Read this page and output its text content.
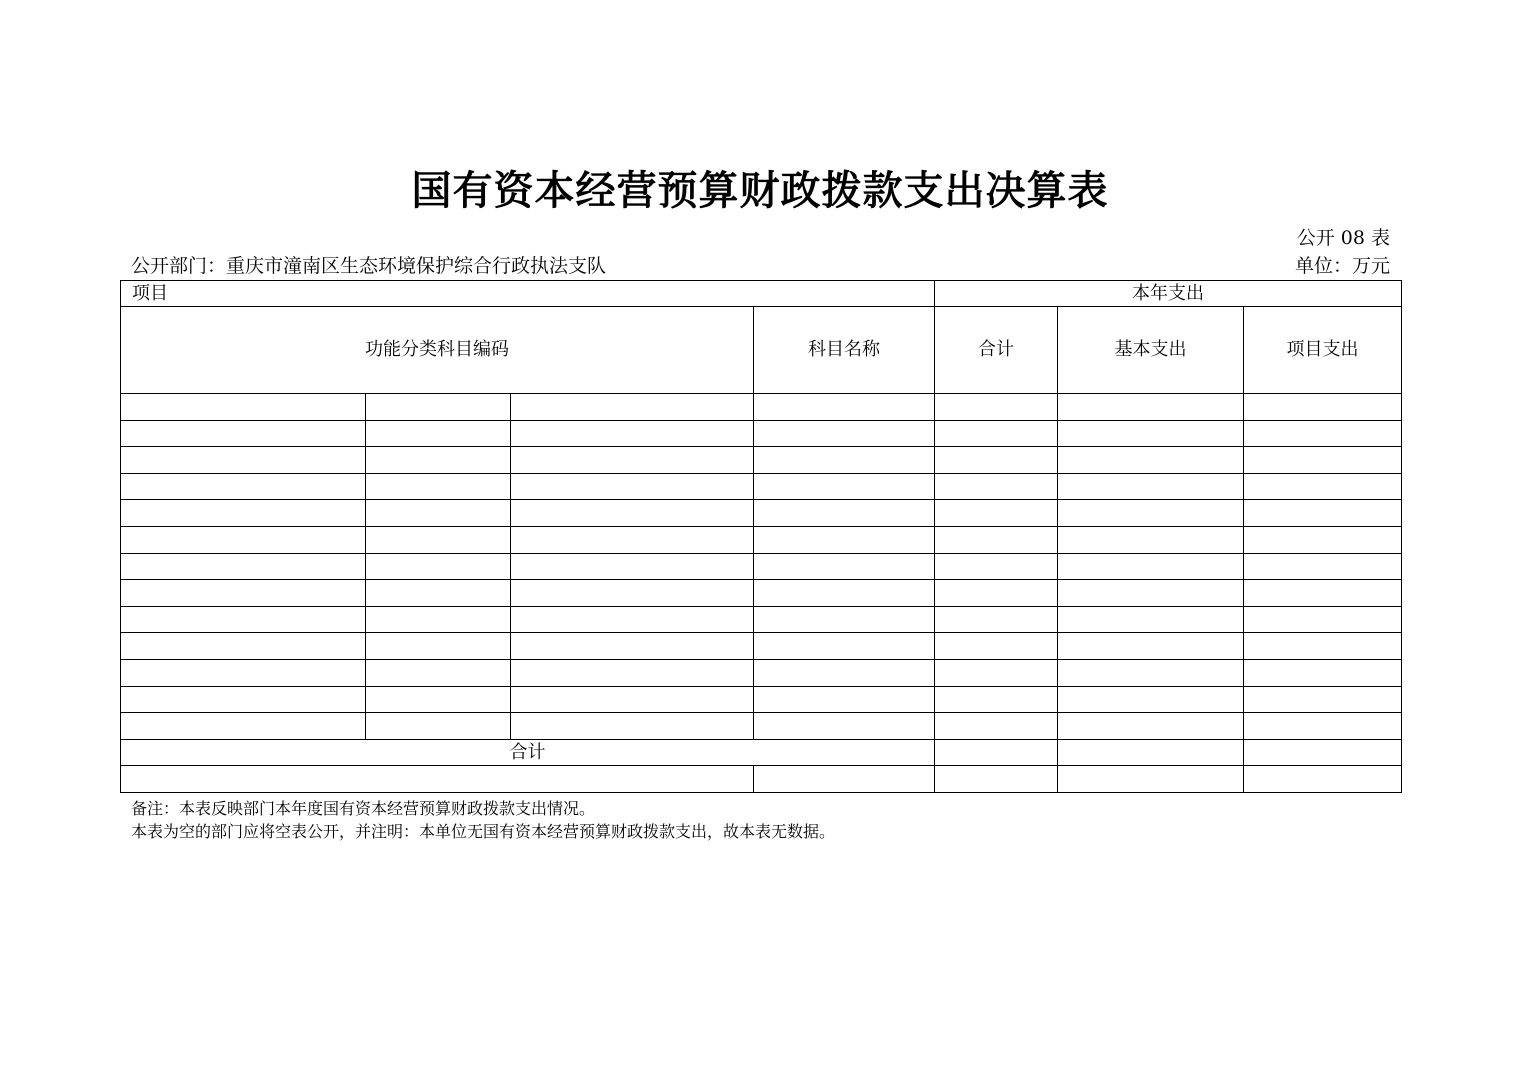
国有资本经营预算财政拨款支出决算表
公开 08 表
公开部门：重庆市潼南区生态环境保护综合行政执法支队	单位：万元
项目				本年支出		
功能分类科目编码			科目名称	合计	基本支出	项目支出

合计						

备注：本表反映部门本年度国有资本经营预算财政拨款支出情况。
本表为空的部门应将空表公开，并注明：本单位无国有资本经营预算财政拨款支出，故本表无数据。
